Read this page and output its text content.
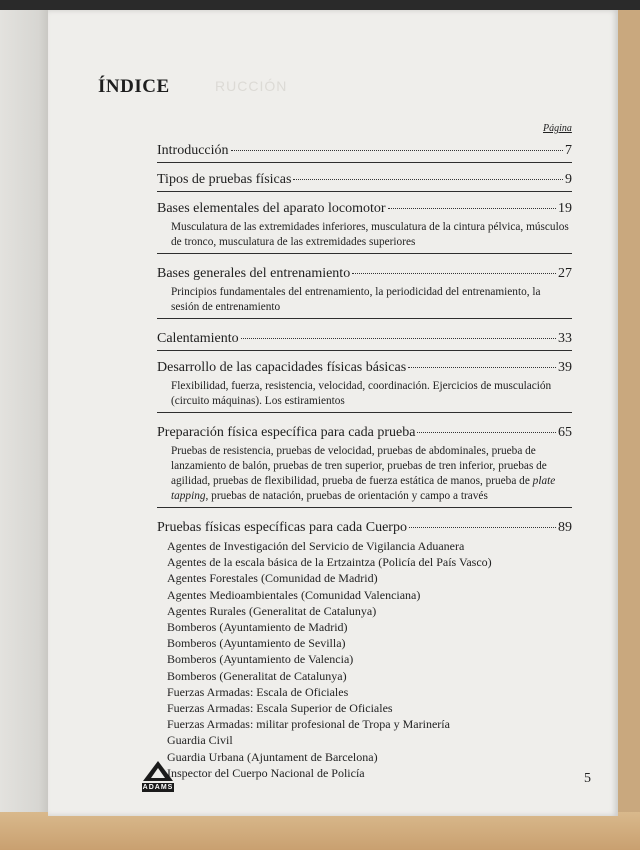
RUCCIÓN
ÍNDICE
Página
Introducción	7
Tipos de pruebas físicas	9
Bases elementales del aparato locomotor	19
Musculatura de las extremidades inferiores, musculatura de la cintura pélvica, músculos de tronco, musculatura de las extremidades superiores
Bases generales del entrenamiento	27
Principios fundamentales del entrenamiento, la periodicidad del entrenamiento, la sesión de entrenamiento
Calentamiento	33
Desarrollo de las capacidades físicas básicas	39
Flexibilidad, fuerza, resistencia, velocidad, coordinación. Ejercicios de musculación (circuito máquinas). Los estiramientos
Preparación física específica para cada prueba	65
Pruebas de resistencia, pruebas de velocidad, pruebas de abdominales, prueba de lanzamiento de balón, pruebas de tren superior, pruebas de tren inferior, pruebas de agilidad, pruebas de flexibilidad, prueba de fuerza estática de manos, prueba de plate tapping, pruebas de natación, pruebas de orientación y campo a través
Pruebas físicas específicas para cada Cuerpo	89
Agentes de Investigación del Servicio de Vigilancia Aduanera
Agentes de la escala básica de la Ertzaintza (Policía del País Vasco)
Agentes Forestales (Comunidad de Madrid)
Agentes Medioambientales (Comunidad Valenciana)
Agentes Rurales (Generalitat de Catalunya)
Bomberos (Ayuntamiento de Madrid)
Bomberos (Ayuntamiento de Sevilla)
Bomberos (Ayuntamiento de Valencia)
Bomberos (Generalitat de Catalunya)
Fuerzas Armadas: Escala de Oficiales
Fuerzas Armadas: Escala Superior de Oficiales
Fuerzas Armadas: militar profesional de Tropa y Marinería
Guardia Civil
Guardia Urbana (Ajuntament de Barcelona)
Inspector del Cuerpo Nacional de Policía
ADAMS
5
